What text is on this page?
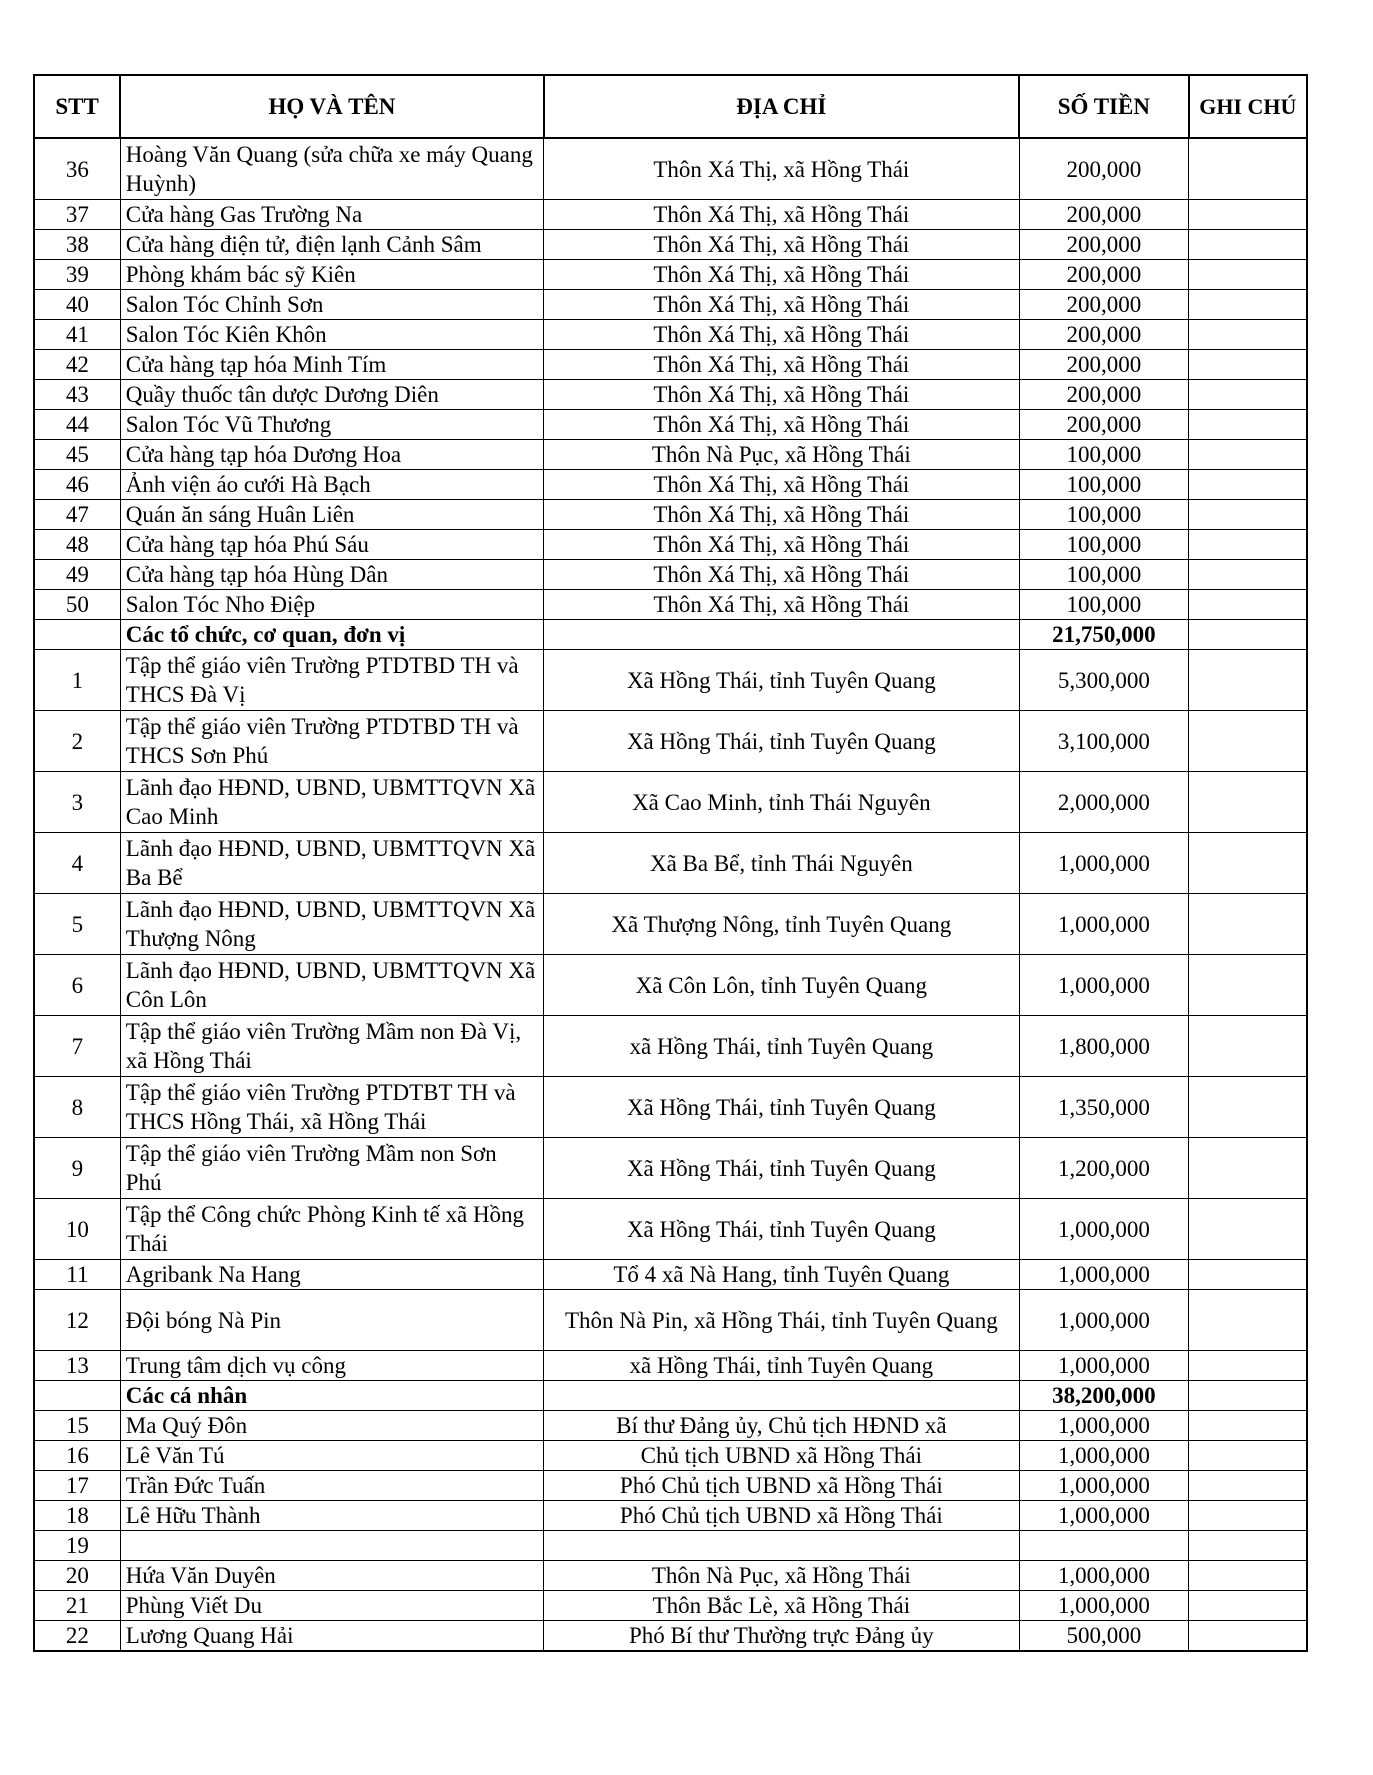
STT	HỌ VÀ TÊN	ĐỊA CHỈ	SỐ TIỀN	GHI CHÚ
36	Hoàng Văn Quang (sửa chữa xe máy Quang Huỳnh)	Thôn Xá Thị, xã Hồng Thái	200,000	
37	Cửa hàng Gas Trường Na	Thôn Xá Thị, xã Hồng Thái	200,000	
38	Cửa hàng điện tử, điện lạnh Cảnh Sâm	Thôn Xá Thị, xã Hồng Thái	200,000	
39	Phòng khám bác sỹ Kiên	Thôn Xá Thị, xã Hồng Thái	200,000	
40	Salon Tóc Chỉnh Sơn	Thôn Xá Thị, xã Hồng Thái	200,000	
41	Salon Tóc Kiên Khôn	Thôn Xá Thị, xã Hồng Thái	200,000	
42	Cửa hàng tạp hóa Minh Tím	Thôn Xá Thị, xã Hồng Thái	200,000	
43	Quầy thuốc tân dược Dương Diên	Thôn Xá Thị, xã Hồng Thái	200,000	
44	Salon Tóc Vũ Thương	Thôn Xá Thị, xã Hồng Thái	200,000	
45	Cửa hàng tạp hóa Dương Hoa	Thôn Nà Pục, xã Hồng Thái	100,000	
46	Ảnh viện áo cưới Hà Bạch	Thôn Xá Thị, xã Hồng Thái	100,000	
47	Quán ăn sáng Huân Liên	Thôn Xá Thị, xã Hồng Thái	100,000	
48	Cửa hàng tạp hóa Phú Sáu	Thôn Xá Thị, xã Hồng Thái	100,000	
49	Cửa hàng tạp hóa Hùng Dân	Thôn Xá Thị, xã Hồng Thái	100,000	
50	Salon Tóc Nho Điệp	Thôn Xá Thị, xã Hồng Thái	100,000	
	Các tổ chức, cơ quan, đơn vị		21,750,000	
1	Tập thể giáo viên Trường PTDTBD TH và THCS Đà Vị	Xã Hồng Thái, tỉnh Tuyên Quang	5,300,000	
2	Tập thể giáo viên Trường PTDTBD TH và THCS Sơn Phú	Xã Hồng Thái, tỉnh Tuyên Quang	3,100,000	
3	Lãnh đạo HĐND, UBND, UBMTTQVN Xã Cao Minh	Xã Cao Minh, tỉnh Thái Nguyên	2,000,000	
4	Lãnh đạo HĐND, UBND, UBMTTQVN Xã Ba Bể	Xã Ba Bể, tỉnh Thái Nguyên	1,000,000	
5	Lãnh đạo HĐND, UBND, UBMTTQVN Xã Thượng Nông	Xã Thượng Nông, tỉnh Tuyên Quang	1,000,000	
6	Lãnh đạo HĐND, UBND, UBMTTQVN Xã Côn Lôn	Xã Côn Lôn, tỉnh Tuyên Quang	1,000,000	
7	Tập thể giáo viên Trường Mầm non Đà Vị, xã Hồng Thái	xã Hồng Thái, tỉnh Tuyên Quang	1,800,000	
8	Tập thể giáo viên Trường PTDTBT TH và THCS Hồng Thái, xã Hồng Thái	Xã Hồng Thái, tỉnh Tuyên Quang	1,350,000	
9	Tập thể giáo viên Trường Mầm non Sơn Phú	Xã Hồng Thái, tỉnh Tuyên Quang	1,200,000	
10	Tập thể Công chức Phòng Kinh tế xã Hồng Thái	Xã Hồng Thái, tỉnh Tuyên Quang	1,000,000	
11	Agribank Na Hang	Tổ 4 xã Nà Hang, tỉnh Tuyên Quang	1,000,000	
12	Đội bóng Nà Pin	Thôn Nà Pin, xã Hồng Thái, tỉnh Tuyên Quang	1,000,000	
13	Trung tâm dịch vụ công	xã Hồng Thái, tỉnh Tuyên Quang	1,000,000	
	Các cá nhân		38,200,000	
15	Ma Quý Đôn	Bí thư Đảng ủy, Chủ tịch HĐND xã	1,000,000	
16	Lê Văn Tú	Chủ tịch UBND xã Hồng Thái	1,000,000	
17	Trần Đức Tuấn	Phó Chủ tịch UBND xã Hồng Thái	1,000,000	
18	Lê Hữu Thành	Phó Chủ tịch UBND xã Hồng Thái	1,000,000	
19				
20	Hứa Văn Duyên	Thôn Nà Pục, xã Hồng Thái	1,000,000	
21	Phùng Viết Du	Thôn Bắc Lè, xã Hồng Thái	1,000,000	
22	Lương Quang Hải	Phó Bí thư Thường trực Đảng ủy	500,000	
